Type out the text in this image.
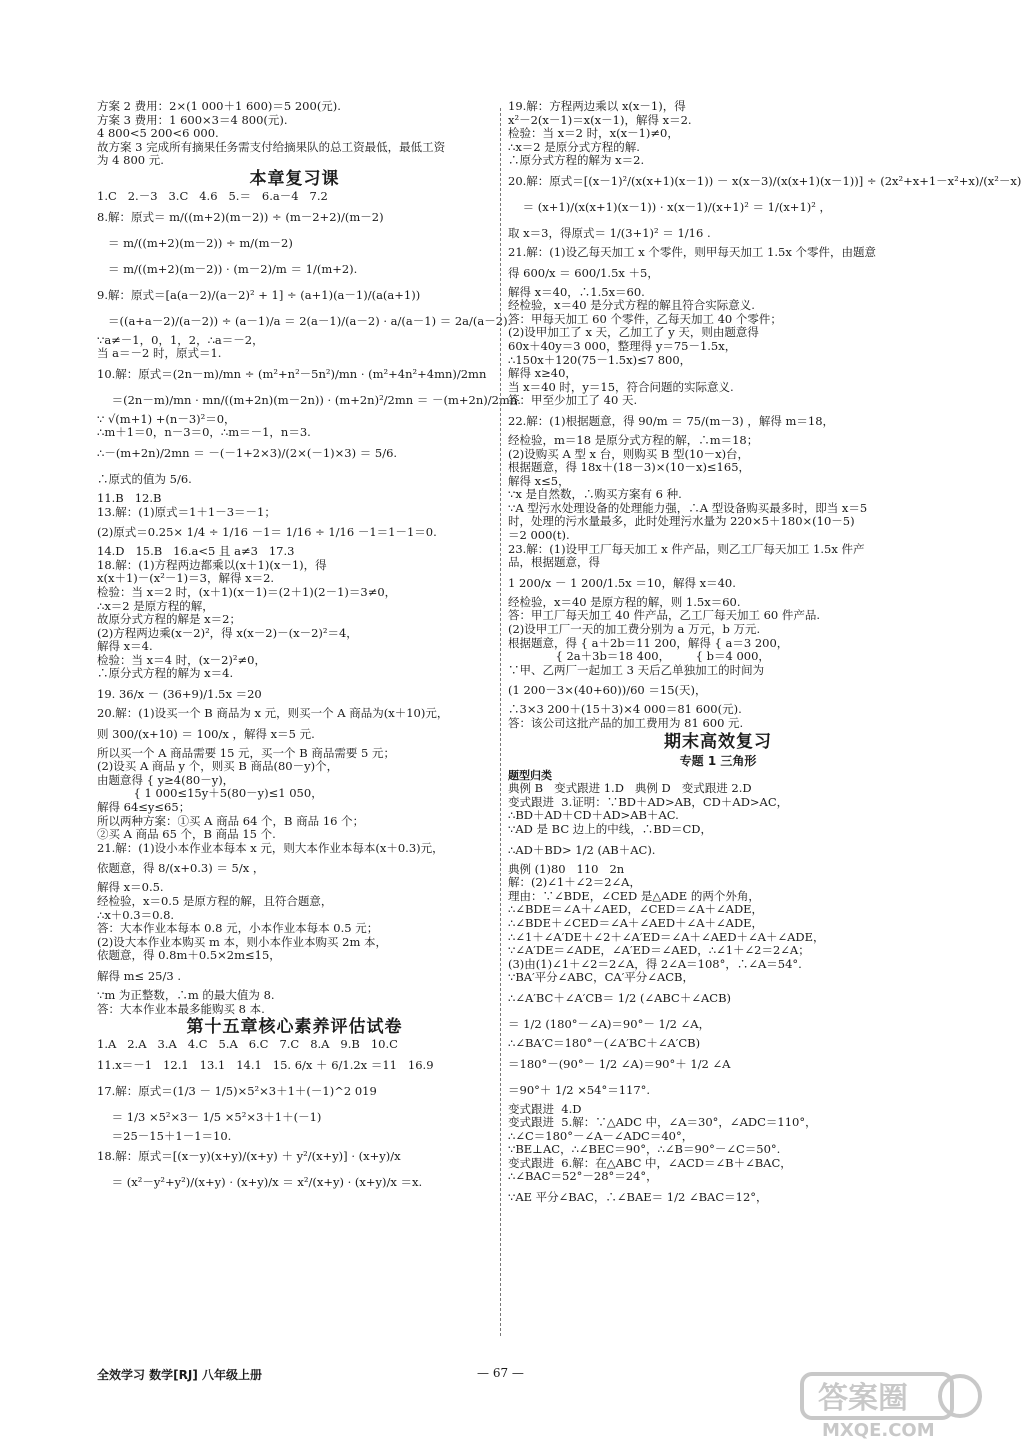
方案 2 费用：2×(1 000＋1 600)＝5 200(元).
方案 3 费用：1 600×3＝4 800(元).
4 800<5 200<6 000.
故方案 3 完成所有摘果任务需支付给摘果队的总工资最低，最低工资
为 4 800 元.
本章复习课
1.C   2.－3   3.C   4.6   5.＝   6.a－4   7.2
8.解：原式＝ m/((m+2)(m－2)) ÷ (m－2+2)/(m－2)
＝ m/((m+2)(m－2)) ÷ m/(m－2)
＝ m/((m+2)(m－2)) · (m－2)/m ＝ 1/(m+2).
9.解：原式＝[a(a－2)/(a－2)² + 1] ÷ (a+1)(a－1)/(a(a+1))
＝((a+a－2)/(a－2)) ÷ (a－1)/a ＝ 2(a－1)/(a－2) · a/(a－1) ＝ 2a/(a－2).
∵a≠－1，0，1，2，∴a＝－2，
当 a＝－2 时，原式＝1.
10.解：原式＝(2n－m)/mn ÷ (m²+n²－5n²)/mn · (m²+4n²+4mn)/2mn
＝(2n－m)/mn · mn/((m+2n)(m－2n)) · (m+2n)²/2mn ＝ －(m+2n)/2mn.
∵ √(m+1) +(n－3)²＝0，
∴m＋1＝0，n－3＝0，∴m＝－1，n＝3.
∴－(m+2n)/2mn ＝ －(－1+2×3)/(2×(－1)×3) ＝ 5/6.
∴原式的值为 5/6.
11.B   12.B
13.解：(1)原式＝1＋1－3＝－1；
(2)原式＝0.25× 1/4 ÷ 1/16 －1＝ 1/16 ÷ 1/16 －1＝1－1＝0.
14.D   15.B   16.a<5 且 a≠3   17.3
18.解：(1)方程两边都乘以(x＋1)(x－1)，得
x(x＋1)－(x²－1)＝3，解得 x＝2.
检验：当 x＝2 时，(x＋1)(x－1)＝(2＋1)(2－1)＝3≠0，
∴x＝2 是原方程的解，
故原分式方程的解是 x＝2；
(2)方程两边乘(x－2)²，得 x(x－2)－(x－2)²＝4，
解得 x＝4.
检验：当 x＝4 时，(x－2)²≠0，
∴原分式方程的解为 x＝4.
19. 36/x － (36+9)/1.5x ＝20
20.解：(1)设买一个 B 商品为 x 元，则买一个 A 商品为(x＋10)元，
则 300/(x+10) ＝ 100/x ，解得 x＝5 元.
所以买一个 A 商品需要 15 元，买一个 B 商品需要 5 元；
(2)设买 A 商品 y 个，则买 B 商品(80－y)个，
由题意得 { y≥4(80－y)，
{ 1 000≤15y＋5(80－y)≤1 050，
解得 64≤y≤65；
所以两种方案：①买 A 商品 64 个，B 商品 16 个；
②买 A 商品 65 个，B 商品 15 个.
21.解：(1)设小本作业本每本 x 元，则大本作业本每本(x＋0.3)元，
依题意，得 8/(x+0.3) ＝ 5/x ，
解得 x＝0.5.
经检验，x＝0.5 是原方程的解，且符合题意，
∴x＋0.3＝0.8.
答：大本作业本每本 0.8 元，小本作业本每本 0.5 元；
(2)设大本作业本购买 m 本，则小本作业本购买 2m 本，
依题意，得 0.8m＋0.5×2m≤15，
解得 m≤ 25/3 .
∵m 为正整数，∴m 的最大值为 8.
答：大本作业本最多能购买 8 本.
第十五章核心素养评估试卷
1.A   2.A   3.A   4.C   5.A   6.C   7.C   8.A   9.B   10.C
11.x＝－1   12.1   13.1   14.1   15. 6/x ＋ 6/1.2x ＝11   16.9
17.解：原式＝(1/3 － 1/5)×5²×3＋1＋(－1)^2 019
＝ 1/3 ×5²×3－ 1/5 ×5²×3＋1＋(－1)
＝25－15＋1－1＝10.
18.解：原式＝[(x－y)(x+y)/(x+y) ＋ y²/(x+y)] · (x+y)/x
＝ (x²－y²+y²)/(x+y) · (x+y)/x ＝ x²/(x+y) · (x+y)/x ＝x.
19.解：方程两边乘以 x(x－1)，得
x²－2(x－1)＝x(x－1)，解得 x＝2.
检验：当 x＝2 时，x(x－1)≠0，
∴x＝2 是原分式方程的解.
∴原分式方程的解为 x＝2.
20.解：原式＝[(x－1)²/(x(x+1)(x－1)) － x(x－3)/(x(x+1)(x－1))] ÷ (2x²+x+1－x²+x)/(x²－x)
＝ (x+1)/(x(x+1)(x－1)) · x(x－1)/(x+1)² ＝ 1/(x+1)² ，
取 x＝3，得原式＝ 1/(3+1)² ＝ 1/16 .
21.解：(1)设乙每天加工 x 个零件，则甲每天加工 1.5x 个零件，由题意
得 600/x ＝ 600/1.5x ＋5，
解得 x＝40，∴1.5x＝60.
经检验，x＝40 是分式方程的解且符合实际意义.
答：甲每天加工 60 个零件，乙每天加工 40 个零件；
(2)设甲加工了 x 天，乙加工了 y 天，则由题意得
60x＋40y＝3 000，整理得 y＝75－1.5x，
∴150x＋120(75－1.5x)≤7 800，
解得 x≥40，
当 x＝40 时，y＝15，符合问题的实际意义.
答：甲至少加工了 40 天.
22.解：(1)根据题意，得 90/m ＝ 75/(m－3) ，解得 m＝18，
经检验，m＝18 是原分式方程的解，∴m＝18；
(2)设购买 A 型 x 台，则购买 B 型(10－x)台，
根据题意，得 18x＋(18－3)×(10－x)≤165，
解得 x≤5，
∵x 是自然数，∴购买方案有 6 种.
∵A 型污水处理设备的处理能力强，∴A 型设备购买最多时，即当 x＝5
时，处理的污水量最多，此时处理污水量为 220×5＋180×(10－5)
＝2 000(t).
23.解：(1)设甲工厂每天加工 x 件产品，则乙工厂每天加工 1.5x 件产
品，根据题意，得
1 200/x － 1 200/1.5x ＝10，解得 x＝40.
经检验，x＝40 是原方程的解，则 1.5x＝60.
答：甲工厂每天加工 40 件产品，乙工厂每天加工 60 件产品.
(2)设甲工厂一天的加工费分别为 a 万元，b 万元.
根据题意，得 { a＋2b＝11 200，解得 { a＝3 200，
{ 2a＋3b＝18 400，       { b＝4 000，
∵甲、乙两厂一起加工 3 天后乙单独加工的时间为
(1 200－3×(40+60))/60 ＝15(天)，
∴3×3 200＋(15＋3)×4 000＝81 600(元).
答：该公司这批产品的加工费用为 81 600 元.
期末高效复习
专题 1 三角形
题型归类
典例 B   变式跟进 1.D   典例 D   变式跟进 2.D
变式跟进  3.证明：∵BD＋AD>AB，CD＋AD>AC，
∴BD＋AD＋CD＋AD>AB＋AC.
∵AD 是 BC 边上的中线，∴BD＝CD，
∴AD＋BD> 1/2 (AB＋AC).
典例 (1)80   110   2n
解：(2)∠1＋∠2＝2∠A，
理由：∵∠BDE，∠CED 是△ADE 的两个外角，
∴∠BDE＝∠A＋∠AED，∠CED＝∠A＋∠ADE，
∴∠BDE＋∠CED＝∠A＋∠AED＋∠A＋∠ADE，
∴∠1＋∠A′DE＋∠2＋∠A′ED＝∠A＋∠AED＋∠A＋∠ADE，
∵∠A′DE＝∠ADE，∠A′ED＝∠AED，∴∠1＋∠2＝2∠A；
(3)由(1)∠1＋∠2＝2∠A，得 2∠A＝108°，∴∠A＝54°.
∵BA′平分∠ABC，CA′平分∠ACB，
∴∠A′BC＋∠A′CB＝ 1/2 (∠ABC＋∠ACB)
＝ 1/2 (180°－∠A)＝90°－ 1/2 ∠A，
∴∠BA′C＝180°－(∠A′BC＋∠A′CB)
＝180°－(90°－ 1/2 ∠A)＝90°＋ 1/2 ∠A
＝90°＋ 1/2 ×54°＝117°.
变式跟进  4.D
变式跟进  5.解：∵△ADC 中，∠A＝30°，∠ADC＝110°，
∴∠C＝180°－∠A－∠ADC＝40°，
∵BE⊥AC，∴∠BEC＝90°，∴∠B＝90°－∠C＝50°.
变式跟进  6.解：在△ABC 中，∠ACD＝∠B＋∠BAC，
∴∠BAC＝52°－28°＝24°，
∵AE 平分∠BAC，∴∠BAE＝ 1/2 ∠BAC＝12°，
全效学习 数学[RJ] 八年级上册	— 67 —
答案圈
MXQE.COM
